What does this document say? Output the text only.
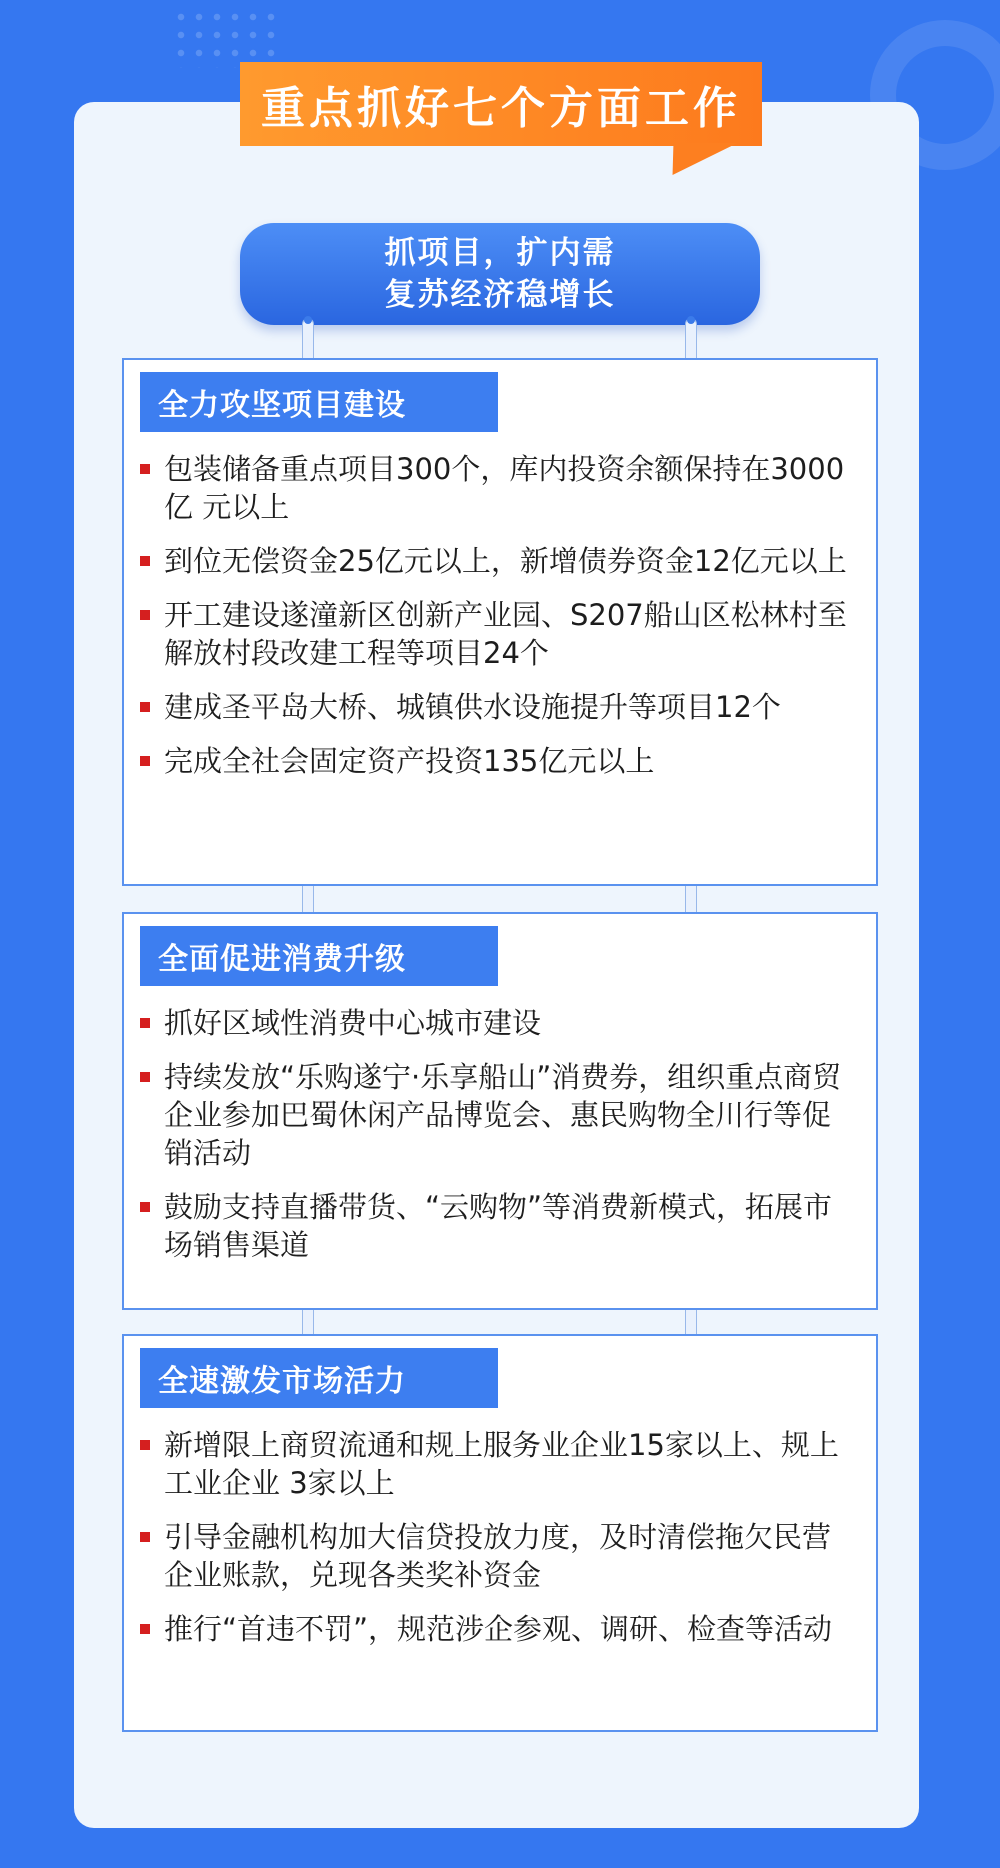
重点抓好七个方面工作
抓项目，扩内需
复苏经济稳增长
全力攻坚项目建设
包装储备重点项目300个，库内投资余额保持在3000亿 元以上
到位无偿资金25亿元以上，新增债券资金12亿元以上
开工建设遂潼新区创新产业园、S207船山区松林村至解放村段改建工程等项目24个
建成圣平岛大桥、城镇供水设施提升等项目12个
完成全社会固定资产投资135亿元以上
全面促进消费升级
抓好区域性消费中心城市建设
持续发放“乐购遂宁·乐享船山”消费券，组织重点商贸企业参加巴蜀休闲产品博览会、惠民购物全川行等促销活动
鼓励支持直播带货、“云购物”等消费新模式，拓展市场销售渠道
全速激发市场活力
新增限上商贸流通和规上服务业企业15家以上、规上工业企业 3家以上
引导金融机构加大信贷投放力度，及时清偿拖欠民营企业账款，兑现各类奖补资金
推行“首违不罚”，规范涉企参观、调研、检查等活动
